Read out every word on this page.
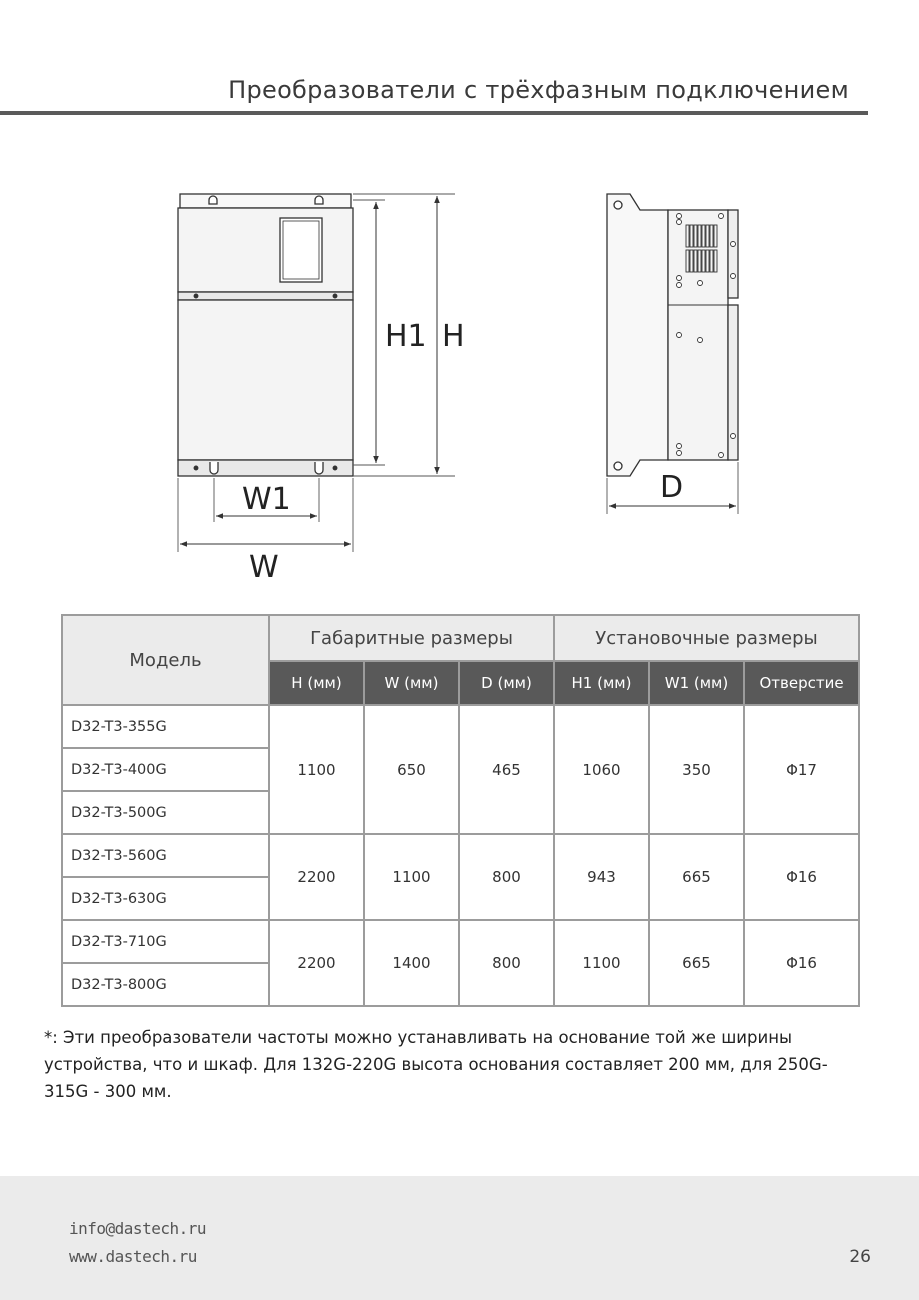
Преобразователи с трёхфазным подключением
H1 H
W1
W
D
Модель	Габаритные размеры			Установочные размеры		
	H (мм)	W (мм)	D (мм)	H1 (мм)	W1 (мм)	Отверстие
D32-T3-355G	1100	650	465	1060	350	Φ17
D32-T3-400G						
D32-T3-500G						
D32-T3-560G	2200	1100	800	943	665	Φ16
D32-T3-630G						
D32-T3-710G	2200	1400	800	1100	665	Φ16
D32-T3-800G						
*: Эти преобразователи частоты можно устанавливать на основание той же ширины устройства, что и шкаф. Для 132G-220G высота основания составляет 200 мм, для 250G-315G - 300 мм.
info@dastech.ru
www.dastech.ru	26
